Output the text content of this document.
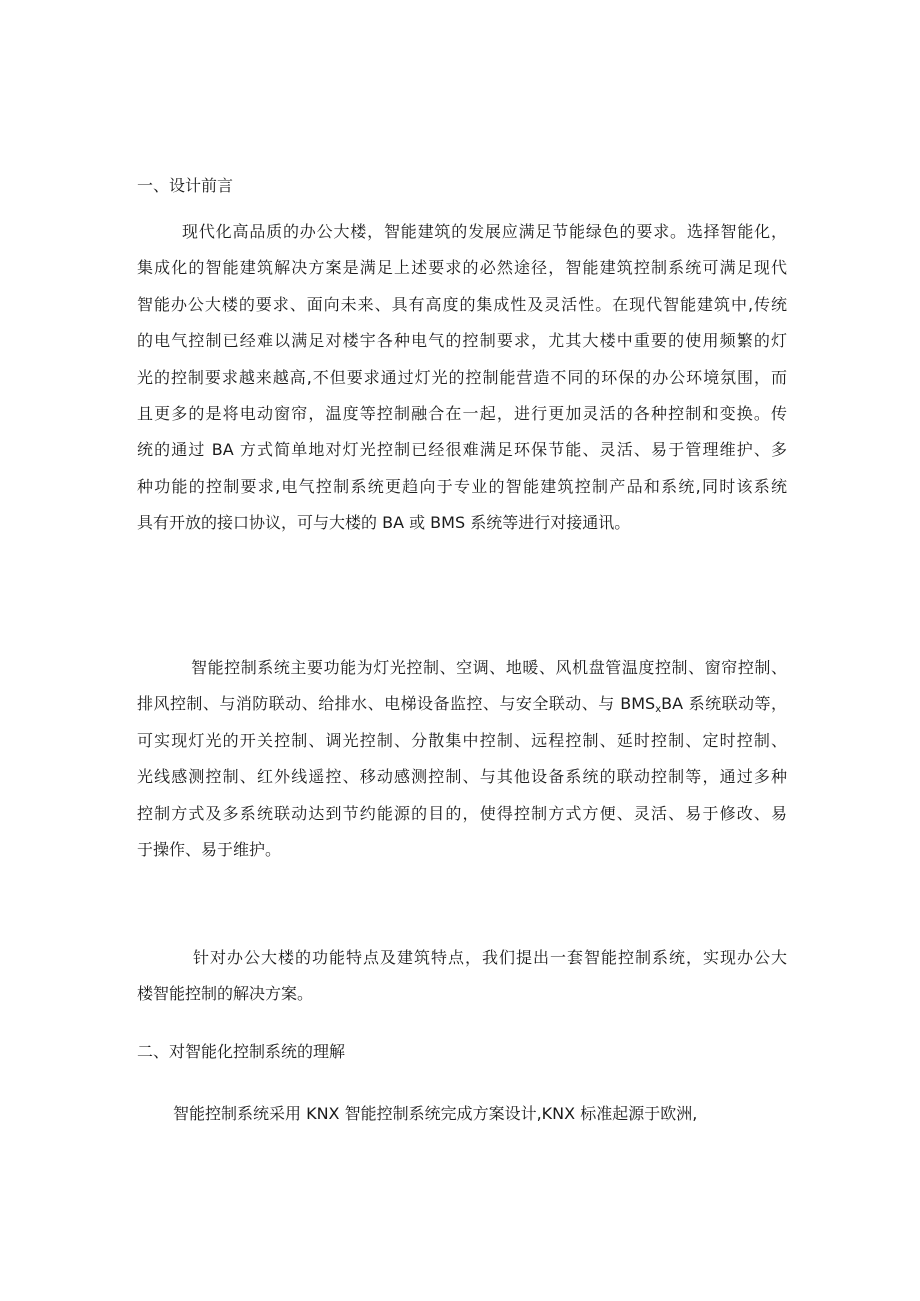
一、设计前言
现代化高品质的办公大楼，智能建筑的发展应满足节能绿色的要求。选择智能化，
集成化的智能建筑解决方案是满足上述要求的必然途径，智能建筑控制系统可满足现代
智能办公大楼的要求、面向未来、具有高度的集成性及灵活性。在现代智能建筑中,传统
的电气控制已经难以满足对楼宇各种电气的控制要求，尤其大楼中重要的使用频繁的灯
光的控制要求越来越高,不但要求通过灯光的控制能营造不同的环保的办公环境氛围，而
且更多的是将电动窗帘，温度等控制融合在一起，进行更加灵活的各种控制和变换。传
统的通过 BA 方式简单地对灯光控制已经很难满足环保节能、灵活、易于管理维护、多
种功能的控制要求,电气控制系统更趋向于专业的智能建筑控制产品和系统,同时该系统
具有开放的接口协议，可与大楼的 BA 或 BMS 系统等进行对接通讯。
智能控制系统主要功能为灯光控制、空调、地暖、风机盘管温度控制、窗帘控制、
排风控制、与消防联动、给排水、电梯设备监控、与安全联动、与 $BMS_xBA$ 系统联动等，
可实现灯光的开关控制、调光控制、分散集中控制、远程控制、延时控制、定时控制、
光线感测控制、红外线遥控、移动感测控制、与其他设备系统的联动控制等，通过多种
控制方式及多系统联动达到节约能源的目的，使得控制方式方便、灵活、易于修改、易
于操作、易于维护。
针对办公大楼的功能特点及建筑特点，我们提出一套智能控制系统，实现办公大
楼智能控制的解决方案。
二、对智能化控制系统的理解
智能控制系统采用 KNX 智能控制系统完成方案设计,KNX 标准起源于欧洲,
